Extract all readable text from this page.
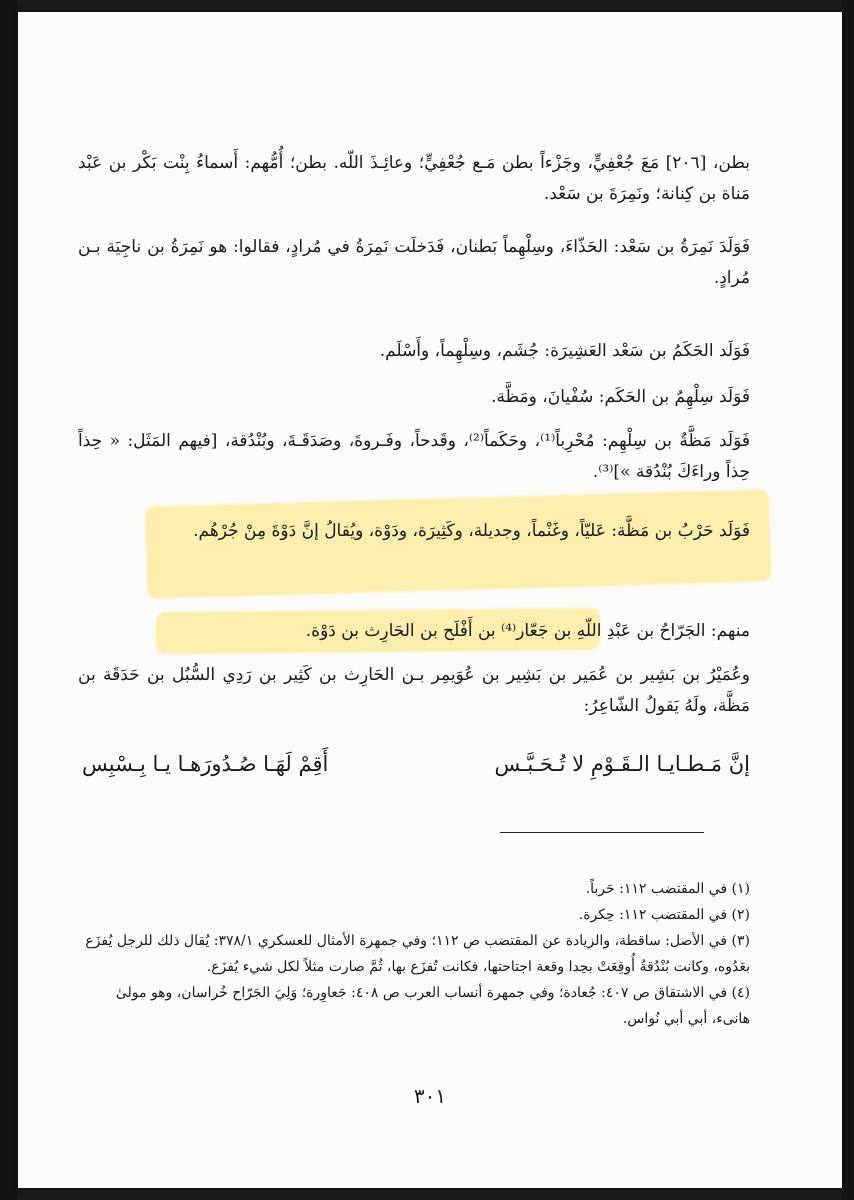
بطن، [٢٠٦] مَعَ جُعْفِيٍّ، وجَزْءاً بطن مَـع جُعْفِيٍّ؛ وعائِـذَ اللّه. بطن؛ أُمُّهم: أَسماءُ بِنْت بَكْر بن عَبْد مَناة بن كِنانة؛ ونَمِرَةَ بن سَعْد.

فَوَلَدَ نَمِرَةُ بن سَعْد: الحَذّاءَ، وسِلْهِماً بَطنان، فَدَخلَت نَمِرَةُ في مُرادٍ، فقالوا: هو نَمِرَةُ بن ناجِيَة بـن مُرادٍ.

فَوَلَد الحَكَمُ بن سَعْد العَشِيرَة: جُشَم، وسِلْهِماً، وأَسْلَم.

فَوَلَد سِلْهِمُ بن الحَكَم: سُفْيانَ، ومَظَّة.

فَوَلَد مَظَّةُ بن سِلْهِم: مُحْرِباً⁽¹⁾، وحَكَماً⁽²⁾، وقَدحاً، وفَـروةَ، وصَدَقَـةَ، وبُنْدُقة، [فيهم المَثَل: « حِذاً حِذاً وراءَكَ بُنْدُقة »]⁽³⁾.

فَوَلَد حَرْبُ بن مَظَّة: عَليّاً، وغَنْماً، وجديلة، وكَثِيرَة، ودَوْة، ويُقالُ إنَّ دَوْةَ مِنْ جُرْهُم.

منهم: الجَرّاحُ بن عَبْدِ اللّهِ بن جَعّار⁽⁴⁾ بن أَفْلَح بن الحَارِث بن دَوْة.

وعُمَيْرُ بن بَشِير بن عُمَير بن بَشِير بن عُوَيمِر بـن الحَارِث بن كَثِير بن رَدِي السُّبُل بن حَدَقَة بن مَظَّة، ولَهُ يَقولُ الشّاعِرُ:

إنَّ مَـطـايـا الـقَـوْمِ لا تُـحَـبَّـس
أَقِمْ لَهَـا صُـدُورَهـا يـا بِـسْبِس

(١) في المقتضب ١١٢: حَرباً.

(٢) في المقتضب ١١٢: حِكرة.

(٣) في الأصل: ساقطة، والزيادة عن المقتضب ص ١١٢؛ وفي جمهرة الأمثال للعسكري ٣٧٨/١: يُقال ذلك للرجل يُفزَع بعَدُوه، وكانت بُنْدُقةُ أُوقِعَتْ بحِدا وقعة اجتاحتها، فكانت تُفزَع بها، ثُمَّ صارت مثلاً لكل شيء يُفزَع.

(٤) في الاشتقاق ص ٤٠٧: جُعادة؛ وفي جمهرة أنساب العرب ص ٤٠٨: جَعاوِرة؛ وَلِيَ الجَرّاح خُراسان، وهو مولىٰ هانىء، أبي أبي نُواس.

٣٠١
